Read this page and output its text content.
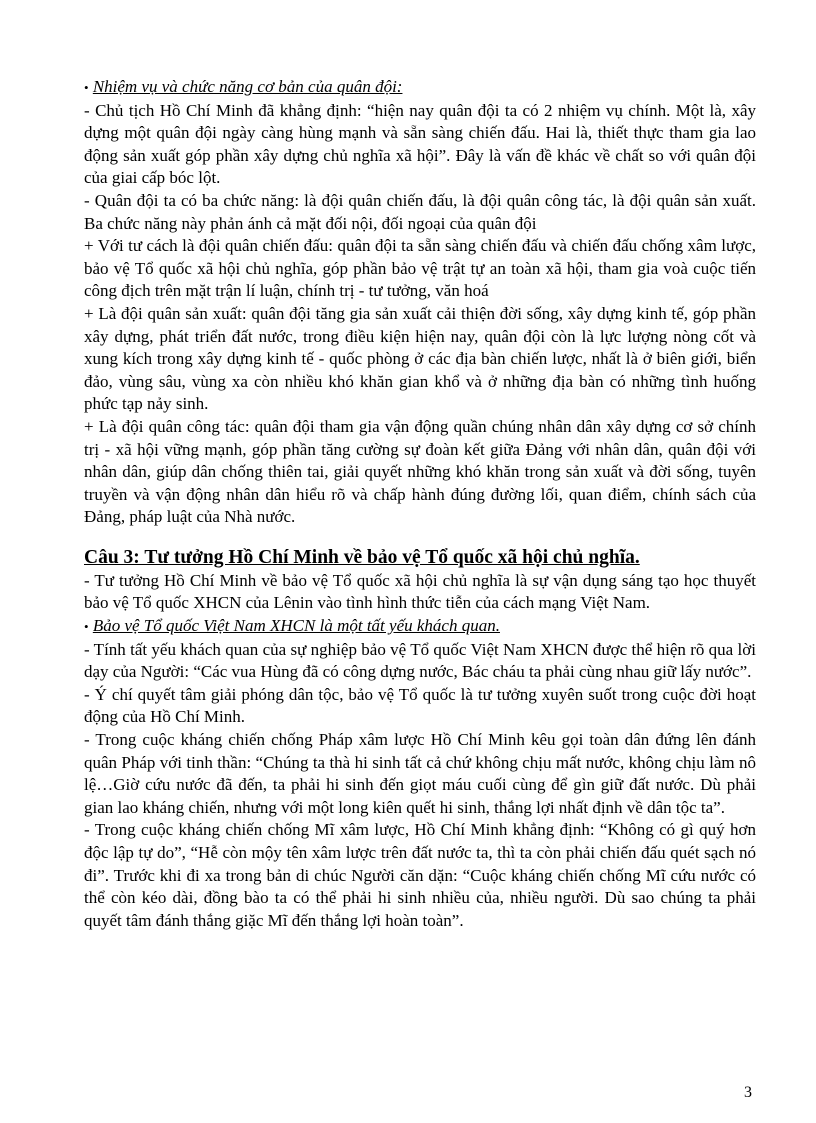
• Nhiệm vụ và chức năng cơ bản của quân đội:

- Chủ tịch Hồ Chí Minh đã khẳng định: “hiện nay quân đội ta có 2 nhiệm vụ chính. Một là, xây dựng một quân đội ngày càng hùng mạnh và sẵn sàng chiến đấu. Hai là, thiết thực tham gia lao động sản xuất góp phần xây dựng chủ nghĩa xã hội”. Đây là vấn đề khác về chất so với quân đội của giai cấp bóc lột.

- Quân đội ta có ba chức năng: là đội quân chiến đấu, là đội quân công tác, là đội quân sản xuất. Ba chức năng này phản ánh cả mặt đối nội, đối ngoại của quân đội

+ Với tư cách là đội quân chiến đấu: quân đội ta sẵn sàng chiến đấu và chiến đấu chống xâm lược, bảo vệ Tổ quốc xã hội chủ nghĩa, góp phần bảo vệ trật tự an toàn xã hội, tham gia voà cuộc tiến công địch trên mặt trận lí luận, chính trị - tư tưởng, văn hoá

+ Là đội quân sản xuất: quân đội tăng gia sản xuất cải thiện đời sống, xây dựng kinh tế, góp phần xây dựng, phát triển đất nước, trong điều kiện hiện nay, quân đội còn là lực lượng nòng cốt và xung kích trong xây dựng kinh tế - quốc phòng ở các địa bàn chiến lược, nhất là ở biên giới, biển đảo, vùng sâu, vùng xa còn nhiều khó khăn gian khổ và ở những địa bàn có những tình huống phức tạp nảy sinh.

+ Là đội quân công tác: quân đội tham gia vận động quần chúng nhân dân xây dựng cơ sở chính trị - xã hội vững mạnh, góp phần tăng cường sự đoàn kết giữa Đảng với nhân dân, quân đội với nhân dân, giúp dân chống thiên tai, giải quyết những khó khăn trong sản xuất và đời sống, tuyên truyền và vận động nhân dân hiểu rõ và chấp hành đúng đường lối, quan điểm, chính sách của Đảng, pháp luật của Nhà nước.

Câu 3: Tư tưởng Hồ Chí Minh về bảo vệ Tổ quốc xã hội chủ nghĩa.

- Tư tưởng Hồ Chí Minh về bảo vệ Tổ quốc xã hội chủ nghĩa là sự vận dụng sáng tạo học thuyết bảo vệ Tổ quốc XHCN của Lênin vào tình hình thức tiễn của cách mạng Việt Nam.

• Bảo vệ Tổ quốc Việt Nam XHCN là một tất yếu khách quan.

- Tính tất yếu khách quan của sự nghiệp bảo vệ Tổ quốc Việt Nam XHCN được thể hiện rõ qua lời dạy của Người: “Các vua Hùng đã có công dựng nước, Bác cháu ta phải cùng nhau giữ lấy nước”.

- Ý chí quyết tâm giải phóng dân tộc, bảo vệ Tổ quốc là tư tưởng xuyên suốt trong cuộc đời hoạt động của Hồ Chí Minh.

- Trong cuộc kháng chiến chống Pháp xâm lược Hồ Chí Minh kêu gọi toàn dân đứng lên đánh quân Pháp với tinh thần: “Chúng ta thà hi sinh tất cả chứ không chịu mất nước, không chịu làm nô lệ…Giờ cứu nước đã đến, ta phải hi sinh đến giọt máu cuối cùng để gìn giữ đất nước. Dù phải gian lao kháng chiến, nhưng với một long kiên quết hi sinh, thắng lợi nhất định về dân tộc ta”.

- Trong cuộc kháng chiến chống Mĩ xâm lược, Hồ Chí Minh khẳng định: “Không có gì quý hơn độc lập tự do”, “Hễ còn mộy tên xâm lược trên đất nước ta, thì ta còn phải chiến đấu quét sạch nó đi”. Trước khi đi xa trong bản di chúc Người căn dặn: “Cuộc kháng chiến chống Mĩ cứu nước có thể còn kéo dài, đồng bào ta có thể phải hi sinh nhiều của, nhiều người. Dù sao chúng ta phải quyết tâm đánh thắng giặc Mĩ đến thắng lợi hoàn toàn”.

3
